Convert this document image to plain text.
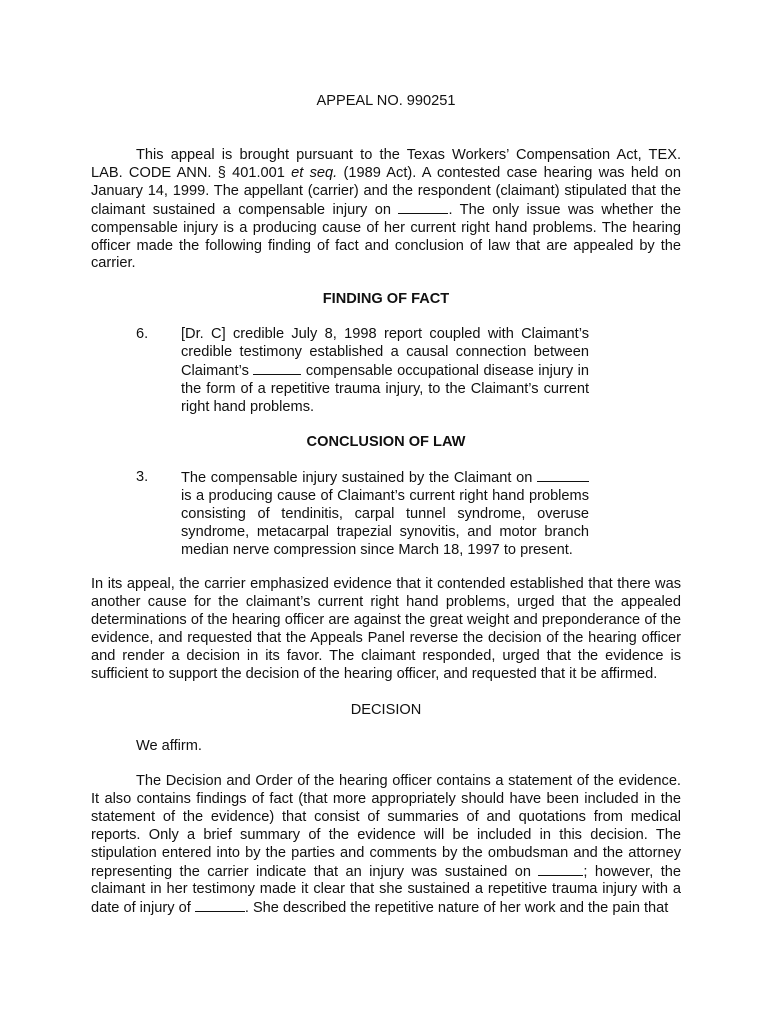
APPEAL NO. 990251
This appeal is brought pursuant to the Texas Workers’ Compensation Act, TEX. LAB. CODE ANN. § 401.001 et seq. (1989 Act). A contested case hearing was held on January 14, 1999. The appellant (carrier) and the respondent (claimant) stipulated that the claimant sustained a compensable injury on	. The only issue was whether the compensable injury is a producing cause of her current right hand problems. The hearing officer made the following finding of fact and conclusion of law that are appealed by the carrier.
FINDING OF FACT
6.	[Dr. C] credible July 8, 1998 report coupled with Claimant’s credible testimony established a causal connection between Claimant’s	compensable occupational disease injury in the form of a repetitive trauma injury, to the Claimant’s current right hand problems.
CONCLUSION OF LAW
3.	The compensable injury sustained by the Claimant on  is a producing cause of Claimant’s current right hand problems consisting of tendinitis, carpal tunnel syndrome, overuse syndrome, metacarpal trapezial synovitis, and motor branch median nerve compression since March 18, 1997 to present.
In its appeal, the carrier emphasized evidence that it contended established that there was another cause for the claimant’s current right hand problems, urged that the appealed determinations of the hearing officer are against the great weight and preponderance of the evidence, and requested that the Appeals Panel reverse the decision of the hearing officer and render a decision in its favor. The claimant responded, urged that the evidence is sufficient to support the decision of the hearing officer, and requested that it be affirmed.
DECISION
We affirm.
The Decision and Order of the hearing officer contains a statement of the evidence. It also contains findings of fact (that more appropriately should have been included in the statement of the evidence) that consist of summaries of and quotations from medical reports. Only a brief summary of the evidence will be included in this decision. The stipulation entered into by the parties and comments by the ombudsman and the attorney representing the carrier indicate that an injury was sustained on	; however, the claimant in her testimony made it clear that she sustained a repetitive trauma injury with a date of injury of	. She described the repetitive nature of her work and the pain that
